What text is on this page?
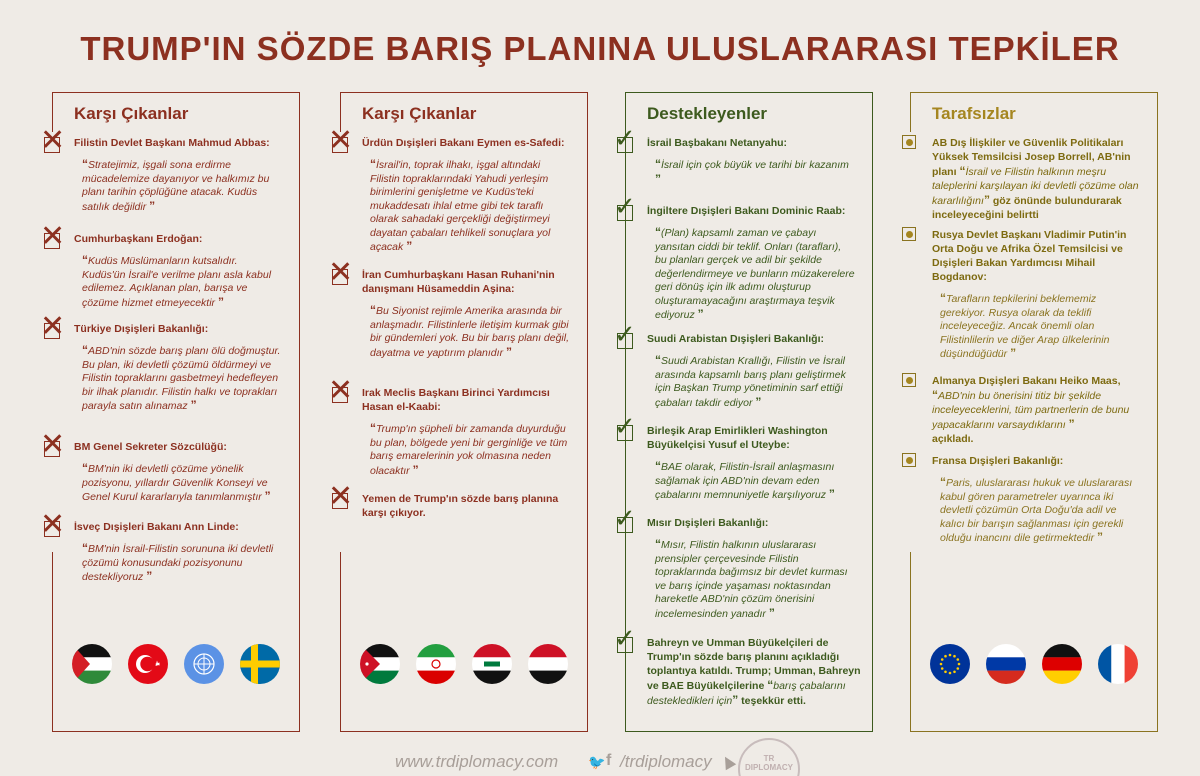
TRUMP'IN SÖZDE BARIŞ PLANINA ULUSLARARASI TEPKİLER
Karşı Çıkanlar
✕ Filistin Devlet Başkanı Mahmud Abbas:
“Stratejimiz, işgali sona erdirme mücadelemize dayanıyor ve halkımız bu planı tarihin çöplüğüne atacak. Kudüs satılık değildir ”
✕ Cumhurbaşkanı Erdoğan:
“Kudüs Müslümanların kutsalıdır. Kudüs'ün İsrail'e verilme planı asla kabul edilemez. Açıklanan plan, barışa ve çözüme hizmet etmeyecektir ”
✕ Türkiye Dışişleri Bakanlığı:
“ABD'nin sözde barış planı ölü doğmuştur. Bu plan, iki devletli çözümü öldürmeyi ve Filistin topraklarını gasbetmeyi hedefleyen bir ilhak planıdır. Filistin halkı ve toprakları parayla satın alınamaz ”
✕ BM Genel Sekreter Sözcülüğü:
“BM'nin iki devletli çözüme yönelik pozisyonu, yıllardır Güvenlik Konseyi ve Genel Kurul kararlarıyla tanımlanmıştır ”
✕ İsveç Dışişleri Bakanı Ann Linde:
“BM'nin İsrail-Filistin sorununa iki devletli çözümü konusundaki pozisyonunu destekliyoruz ”
Karşı Çıkanlar
✕ Ürdün Dışişleri Bakanı Eymen es-Safedi:
“İsrail'in, toprak ilhakı, işgal altındaki Filistin topraklarındaki Yahudi yerleşim birimlerini genişletme ve Kudüs'teki mukaddesatı ihlal etme gibi tek taraflı olarak sahadaki gerçekliği değiştirmeyi dayatan çabaları tehlikeli sonuçlara yol açacak ”
✕ İran Cumhurbaşkanı Hasan Ruhani'nin danışmanı Hüsameddin Aşina:
“Bu Siyonist rejimle Amerika arasında bir anlaşmadır. Filistinlerle iletişim kurmak gibi bir gündemleri yok. Bu bir barış planı değil, dayatma ve yaptırım planıdır ”
✕ Irak Meclis Başkanı Birinci Yardımcısı Hasan el-Kaabi:
“Trump'ın şüpheli bir zamanda duyurduğu bu plan, bölgede yeni bir gerginliğe ve tüm barış emarelerinin yok olmasına neden olacaktır ”
✕ Yemen de Trump'ın sözde barış planına karşı çıkıyor.
Destekleyenler
✓ İsrail Başbakanı Netanyahu:
“İsrail için çok büyük ve tarihi bir kazanım ”
✓ İngiltere Dışişleri Bakanı Dominic Raab:
“(Plan) kapsamlı zaman ve çabayı yansıtan ciddi bir teklif. Onları (tarafları), bu planları gerçek ve adil bir şekilde değerlendirmeye ve bunların müzakerelere geri dönüş için ilk adımı oluşturup oluşturamayacağını araştırmaya teşvik ediyoruz ”
✓ Suudi Arabistan Dışişleri Bakanlığı:
“Suudi Arabistan Krallığı, Filistin ve İsrail arasında kapsamlı barış planı geliştirmek için Başkan Trump yönetiminin sarf ettiği çabaları takdir ediyor ”
✓ Birleşik Arap Emirlikleri Washington Büyükelçisi Yusuf el Uteybe:
“BAE olarak, Filistin-İsrail anlaşmasını sağlamak için ABD'nin devam eden çabalarını memnuniyetle karşılıyoruz ”
✓ Mısır Dışişleri Bakanlığı:
“Mısır, Filistin halkının uluslararası prensipler çerçevesinde Filistin topraklarında bağımsız bir devlet kurması ve barış içinde yaşaması noktasından hareketle ABD'nin çözüm önerisini incelemesinden yanadır ”
✓ Bahreyn ve Umman Büyükelçileri de Trump'ın sözde barış planını açıkladığı toplantıya katıldı. Trump; Umman, Bahreyn ve BAE Büyükelçilerine “barış çabalarını destekledikleri için” teşekkür etti.
Tarafsızlar
AB Dış İlişkiler ve Güvenlik Politikaları Yüksek Temsilcisi Josep Borrell, AB'nin planı “İsrail ve Filistin halkının meşru taleplerini karşılayan iki devletli çözüme olan kararlılığını” göz önünde bulundurarak inceleyeceğini belirtti
Rusya Devlet Başkanı Vladimir Putin'in Orta Doğu ve Afrika Özel Temsilcisi ve Dışişleri Bakan Yardımcısı Mihail Bogdanov:
“Tarafların tepkilerini beklememiz gerekiyor. Rusya olarak da teklifi inceleyeceğiz. Ancak önemli olan Filistinlilerin ve diğer Arap ülkelerinin düşündüğüdür ”
Almanya Dışişleri Bakanı Heiko Maas,
“ABD'nin bu önerisini titiz bir şekilde inceleyeceklerini, tüm partnerlerin de bunu yapacaklarını varsaydıklarını ”
açıkladı.
Fransa Dışişleri Bakanlığı:
“Paris, uluslararası hukuk ve uluslararası kabul gören parametreler uyarınca iki devletli çözümün Orta Doğu'da adil ve kalıcı bir barışın sağlanması için gerekli olduğu inancını dile getirmektedir ”
www.trdiplomacy.com 🐦 f /trdiplomacy	TR DIPLOMACY
